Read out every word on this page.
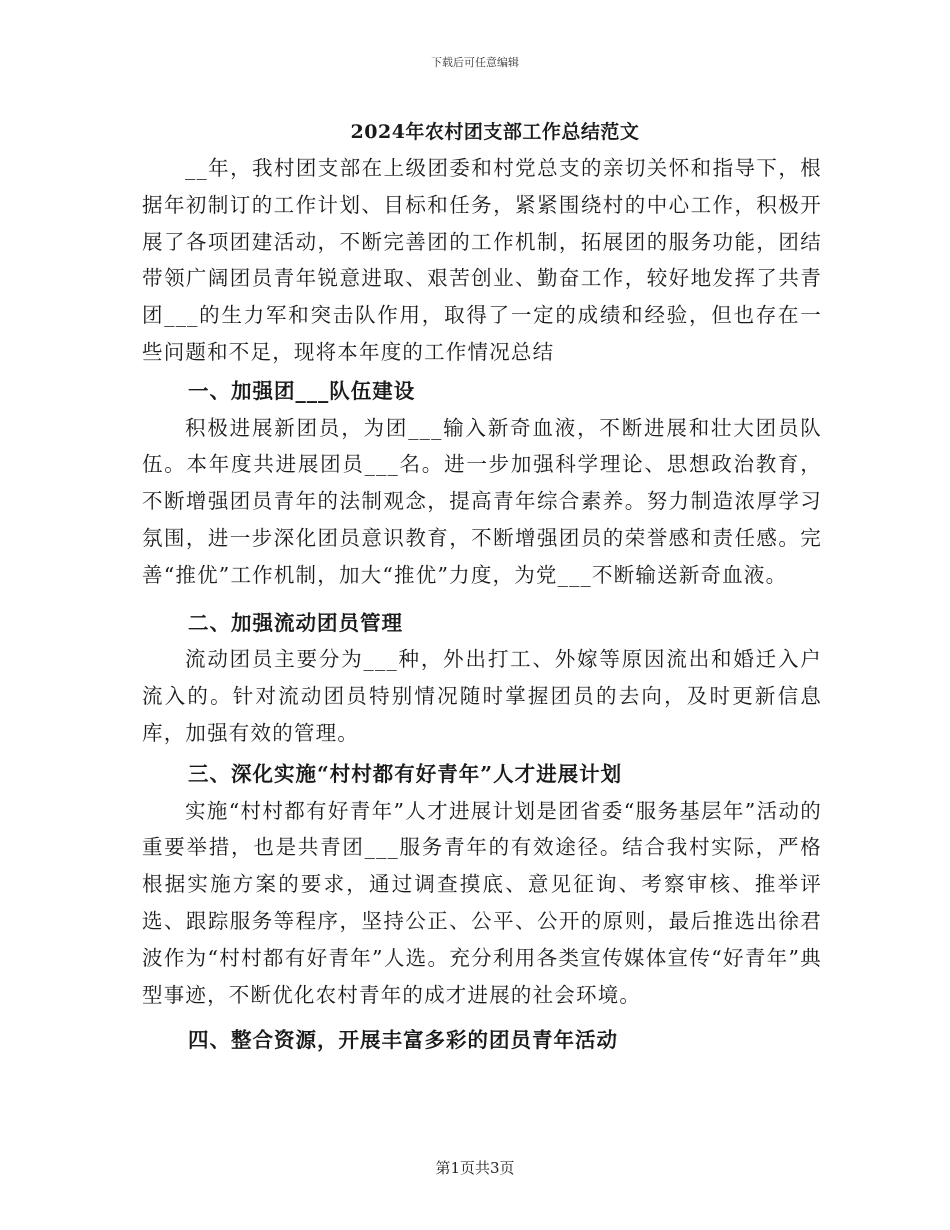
下载后可任意编辑
2024年农村团支部工作总结范文

__年，我村团支部在上级团委和村党总支的亲切关怀和指导下，根据年初制订的工作计划、目标和任务，紧紧围绕村的中心工作，积极开展了各项团建活动，不断完善团的工作机制，拓展团的服务功能，团结带领广阔团员青年锐意进取、艰苦创业、勤奋工作，较好地发挥了共青团___的生力军和突击队作用，取得了一定的成绩和经验，但也存在一些问题和不足，现将本年度的工作情况总结

一、加强团___队伍建设

积极进展新团员，为团___输入新奇血液，不断进展和壮大团员队伍。本年度共进展团员___名。进一步加强科学理论、思想政治教育，不断增强团员青年的法制观念，提高青年综合素养。努力制造浓厚学习氛围，进一步深化团员意识教育，不断增强团员的荣誉感和责任感。完善“推优”工作机制，加大“推优”力度，为党___不断输送新奇血液。

二、加强流动团员管理

流动团员主要分为___种，外出打工、外嫁等原因流出和婚迁入户流入的。针对流动团员特别情况随时掌握团员的去向，及时更新信息库，加强有效的管理。

三、深化实施“村村都有好青年”人才进展计划

实施“村村都有好青年”人才进展计划是团省委“服务基层年”活动的重要举措，也是共青团___服务青年的有效途径。结合我村实际，严格根据实施方案的要求，通过调查摸底、意见征询、考察审核、推举评选、跟踪服务等程序，坚持公正、公平、公开的原则，最后推选出徐君波作为“村村都有好青年”人选。充分利用各类宣传媒体宣传“好青年”典型事迹，不断优化农村青年的成才进展的社会环境。

四、整合资源，开展丰富多彩的团员青年活动

第1页共3页
